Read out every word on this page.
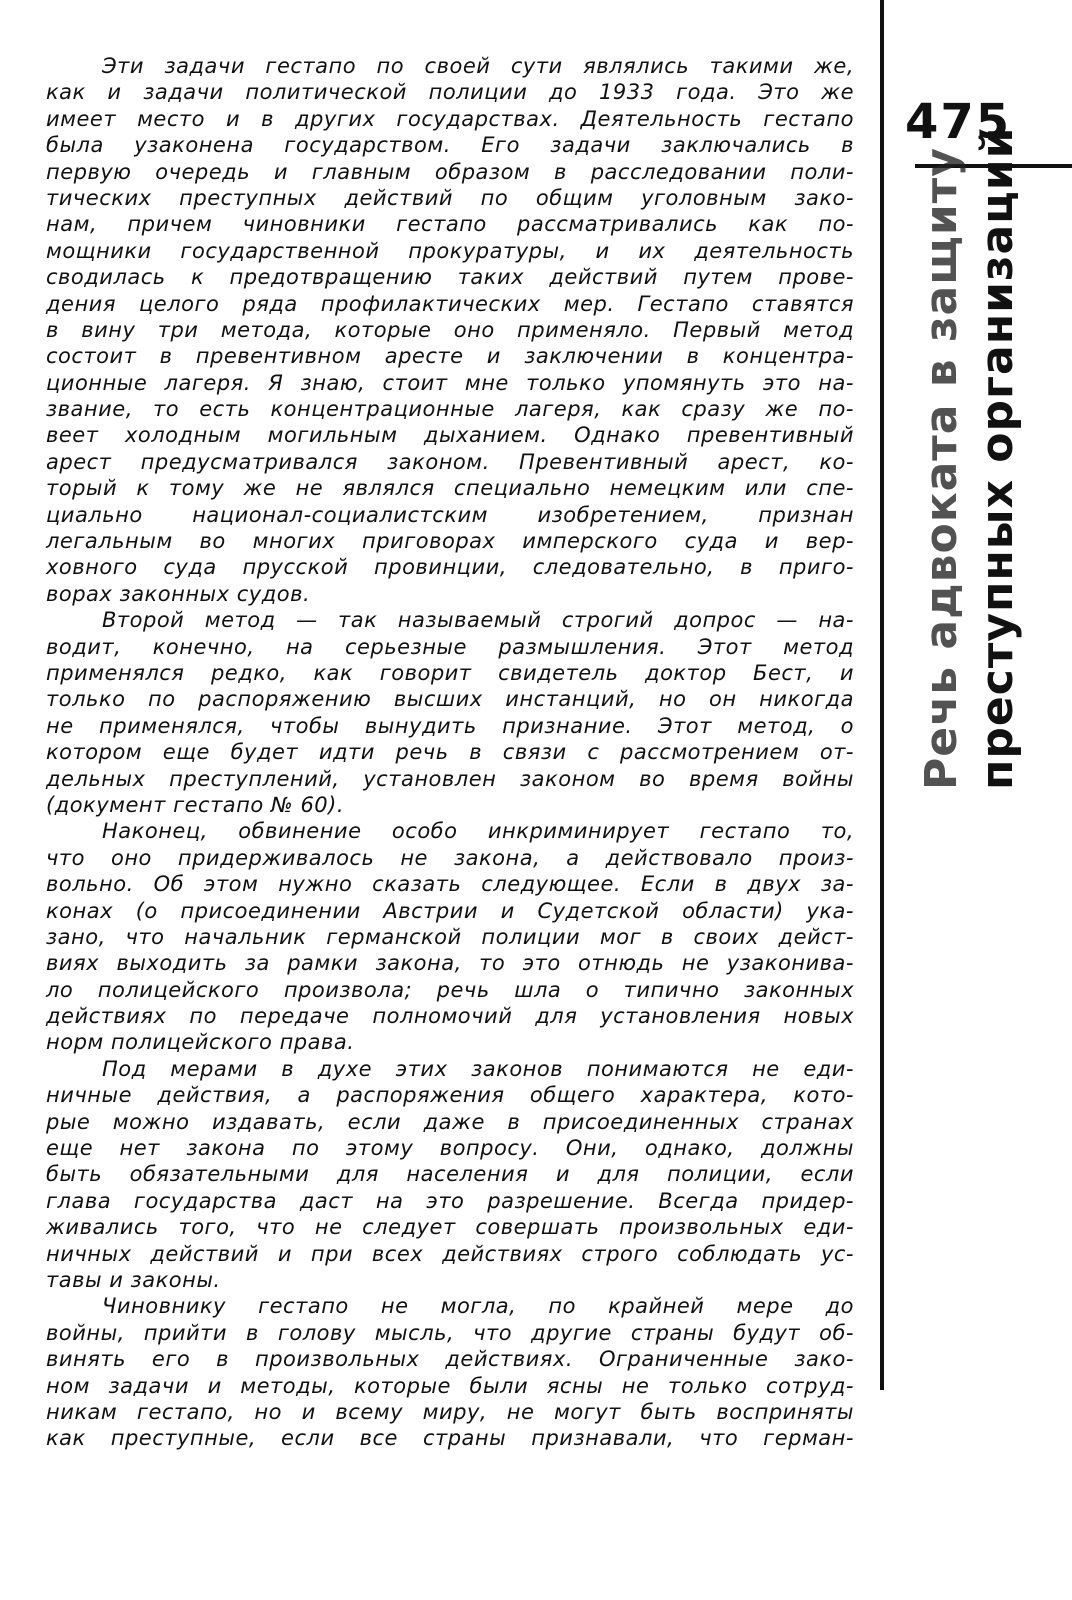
Эти задачи гестапо по своей сути являлись такими же,
как и задачи политической полиции до 1933 года. Это же
имеет место и в других государствах. Деятельность гестапо
была узаконена государством. Его задачи заключались в
первую очередь и главным образом в расследовании поли-
тических преступных действий по общим уголовным зако-
нам, причем чиновники гестапо рассматривались как по-
мощники государственной прокуратуры, и их деятельность
сводилась к предотвращению таких действий путем прове-
дения целого ряда профилактических мер. Гестапо ставятся
в вину три метода, которые оно применяло. Первый метод
состоит в превентивном аресте и заключении в концентра-
ционные лагеря. Я знаю, стоит мне только упомянуть это на-
звание, то есть концентрационные лагеря, как сразу же по-
веет холодным могильным дыханием. Однако превентивный
арест предусматривался законом. Превентивный арест, ко-
торый к тому же не являлся специально немецким или спе-
циально национал-социалистским изобретением, признан
легальным во многих приговорах имперского суда и вер-
ховного суда прусской провинции, следовательно, в приго-
ворах законных судов.
Второй метод — так называемый строгий допрос — на-
водит, конечно, на серьезные размышления. Этот метод
применялся редко, как говорит свидетель доктор Бест, и
только по распоряжению высших инстанций, но он никогда
не применялся, чтобы вынудить признание. Этот метод, о
котором еще будет идти речь в связи с рассмотрением от-
дельных преступлений, установлен законом во время войны
(документ гестапо № 60).
Наконец, обвинение особо инкриминирует гестапо то,
что оно придерживалось не закона, а действовало произ-
вольно. Об этом нужно сказать следующее. Если в двух за-
конах (о присоединении Австрии и Судетской области) ука-
зано, что начальник германской полиции мог в своих дейст-
виях выходить за рамки закона, то это отнюдь не узаконива-
ло полицейского произвола; речь шла о типично законных
действиях по передаче полномочий для установления новых
норм полицейского права.
Под мерами в духе этих законов понимаются не еди-
ничные действия, а распоряжения общего характера, кото-
рые можно издавать, если даже в присоединенных странах
еще нет закона по этому вопросу. Они, однако, должны
быть обязательными для населения и для полиции, если
глава государства даст на это разрешение. Всегда придер-
живались того, что не следует совершать произвольных еди-
ничных действий и при всех действиях строго соблюдать ус-
тавы и законы.
Чиновнику гестапо не могла, по крайней мере до
войны, прийти в голову мысль, что другие страны будут об-
винять его в произвольных действиях. Ограниченные зако-
ном задачи и методы, которые были ясны не только сотруд-
никам гестапо, но и всему миру, не могут быть восприняты
как преступные, если все страны признавали, что герман-
475
Речь адвоката в защиту преступных организаций
